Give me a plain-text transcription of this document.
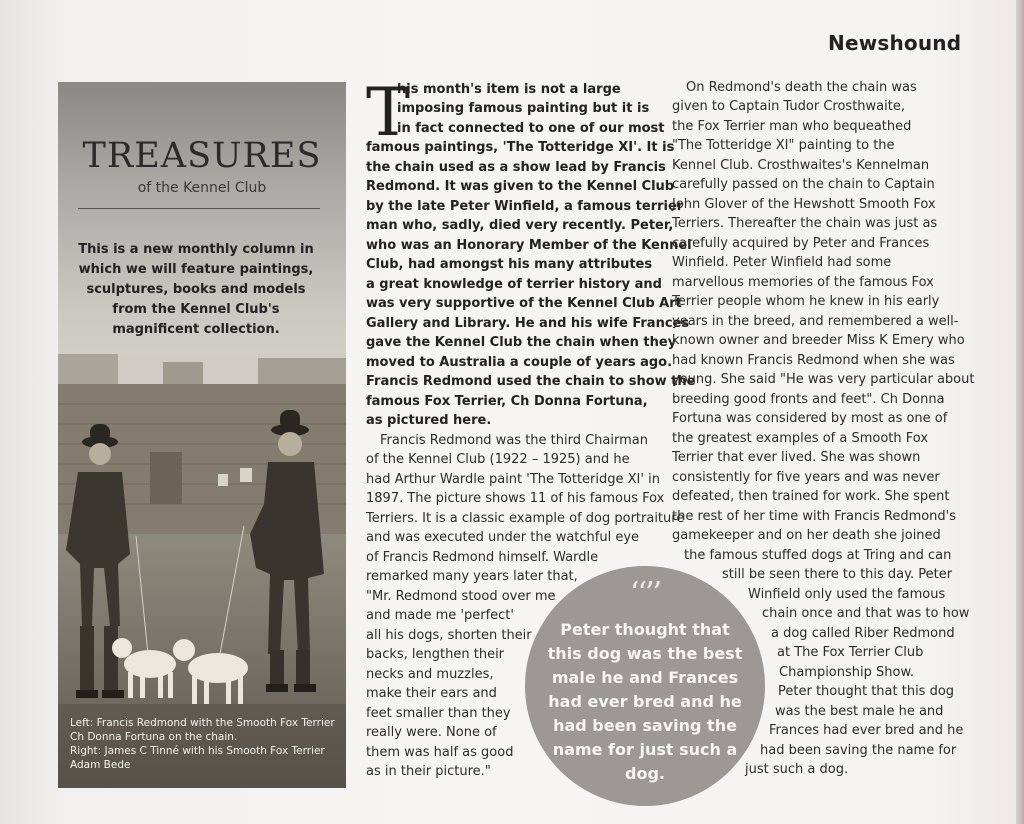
Newshound
TREASURES
of the Kennel Club
This is a new monthly column in which we will feature paintings, sculptures, books and models from the Kennel Club's magnificent collection.
Left: Francis Redmond with the Smooth Fox Terrier
Ch Donna Fortuna on the chain.
Right: James C Tinné with his Smooth Fox Terrier
Adam Bede
T
his month's item is not a large
imposing famous painting but it is
in fact connected to one of our most
famous paintings, 'The Totteridge XI'. It is
the chain used as a show lead by Francis
Redmond. It was given to the Kennel Club
by the late Peter Winfield, a famous terrier
man who, sadly, died very recently. Peter,
who was an Honorary Member of the Kennel
Club, had amongst his many attributes
a great knowledge of terrier history and
was very supportive of the Kennel Club Art
Gallery and Library. He and his wife Frances
gave the Kennel Club the chain when they
moved to Australia a couple of years ago.
Francis Redmond used the chain to show the
famous Fox Terrier, Ch Donna Fortuna,
as pictured here.
Francis Redmond was the third Chairman
of the Kennel Club (1922 – 1925) and he
had Arthur Wardle paint 'The Totteridge XI' in
1897. The picture shows 11 of his famous Fox
Terriers. It is a classic example of dog portraiture
and was executed under the watchful eye
of Francis Redmond himself. Wardle
remarked many years later that,
"Mr. Redmond stood over me
and made me 'perfect'
all his dogs, shorten their
backs, lengthen their
necks and muzzles,
make their ears and
feet smaller than they
really were. None of
them was half as good
as in their picture."
On Redmond's death the chain was
given to Captain Tudor Crosthwaite,
the Fox Terrier man who bequeathed
"The Totteridge XI" painting to the
Kennel Club. Crosthwaites's Kennelman
carefully passed on the chain to Captain
John Glover of the Hewshott Smooth Fox
Terriers. Thereafter the chain was just as
carefully acquired by Peter and Frances
Winfield. Peter Winfield had some
marvellous memories of the famous Fox
Terrier people whom he knew in his early
years in the breed, and remembered a well-
known owner and breeder Miss K Emery who
had known Francis Redmond when she was
young. She said "He was very particular about
breeding good fronts and feet". Ch Donna
Fortuna was considered by most as one of
the greatest examples of a Smooth Fox
Terrier that ever lived. She was shown
consistently for five years and was never
defeated, then trained for work. She spent
the rest of her time with Francis Redmond's
gamekeeper and on her death she joined
the famous stuffed dogs at Tring and can
still be seen there to this day. Peter
Winfield only used the famous
chain once and that was to how
a dog called Riber Redmond
at The Fox Terrier Club
Championship Show.
Peter thought that this dog
was the best male he and
Frances had ever bred and he
had been saving the name for
just such a dog.
‘‘’’
Peter thought that this dog was the best male he and Frances had ever bred and he had been saving the name for just such a dog.
